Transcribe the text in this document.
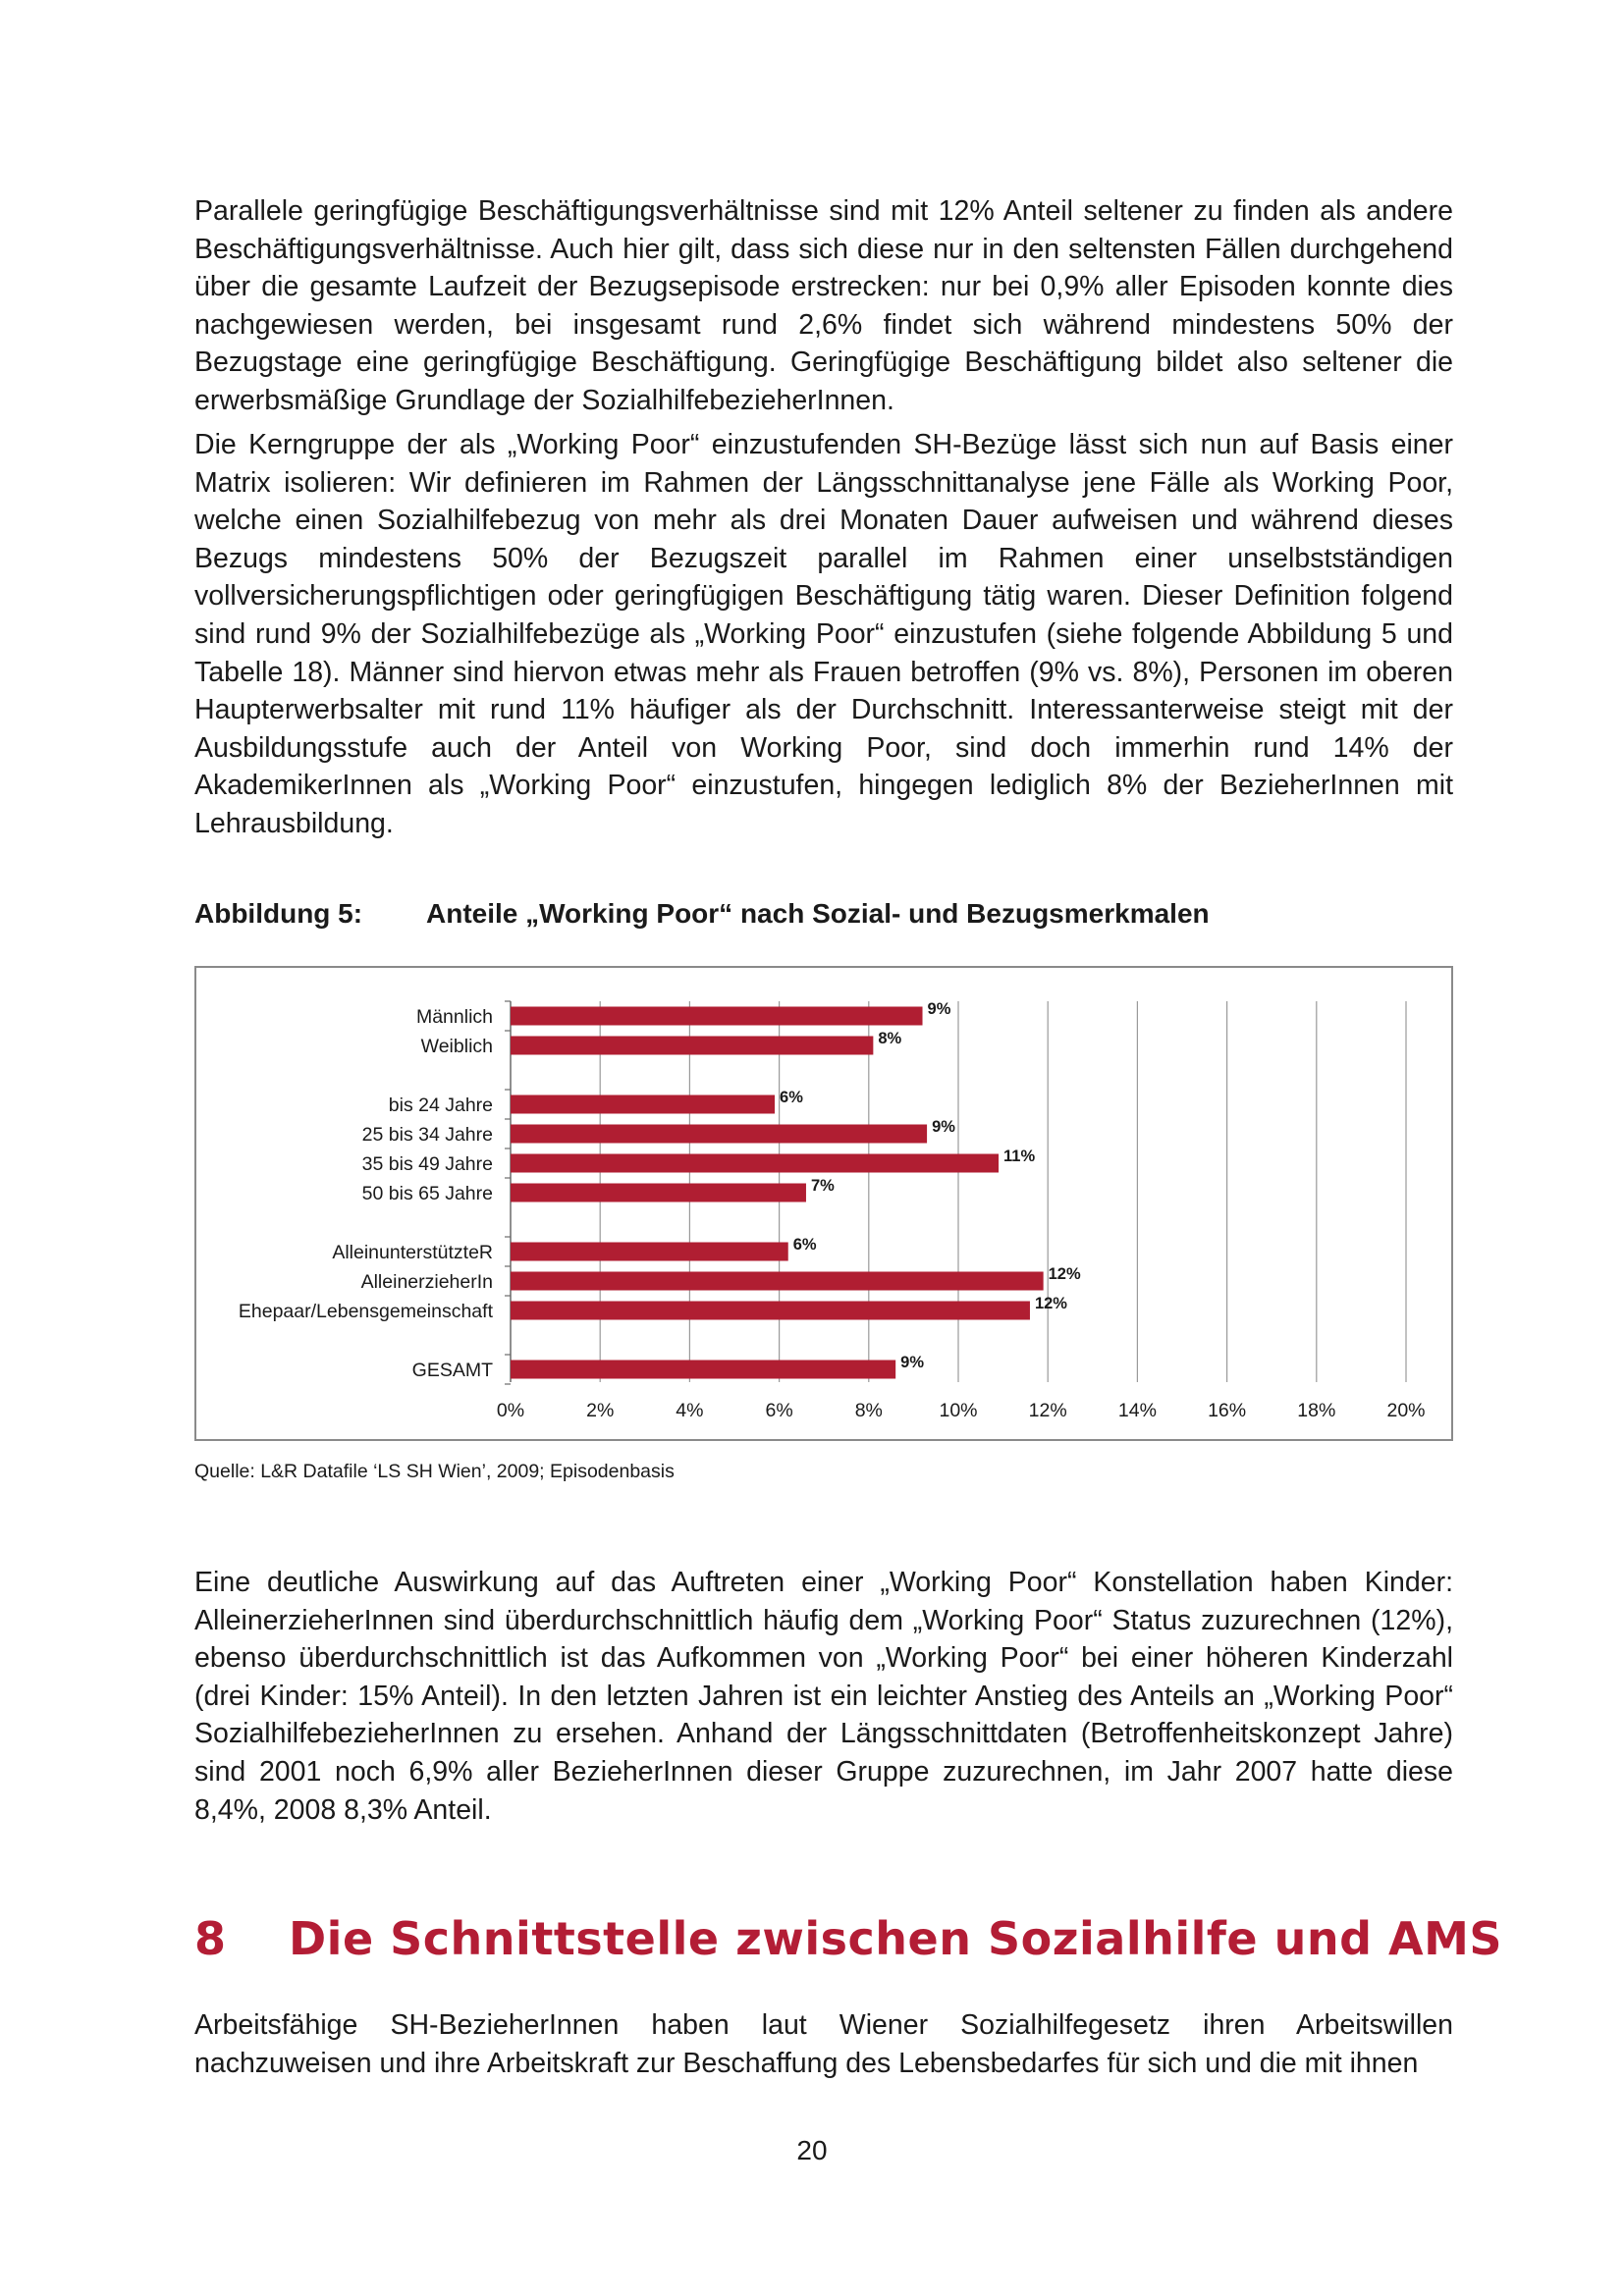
Parallele geringfügige Beschäftigungsverhältnisse sind mit 12% Anteil seltener zu finden als andere Beschäftigungsverhältnisse. Auch hier gilt, dass sich diese nur in den seltensten Fällen durchgehend über die gesamte Laufzeit der Bezugsepisode erstrecken: nur bei 0,9% aller Episoden konnte dies nachgewiesen werden, bei insgesamt rund 2,6% findet sich während mindestens 50% der Bezugstage eine geringfügige Beschäftigung. Geringfügige Beschäftigung bildet also seltener die erwerbsmäßige Grundlage der SozialhilfebezieherInnen.

Die Kerngruppe der als „Working Poor“ einzustufenden SH-Bezüge lässt sich nun auf Basis einer Matrix isolieren: Wir definieren im Rahmen der Längsschnittanalyse jene Fälle als Working Poor, welche einen Sozialhilfebezug von mehr als drei Monaten Dauer aufweisen und während dieses Bezugs mindestens 50% der Bezugszeit parallel im Rahmen einer unselbstständigen vollversicherungspflichtigen oder geringfügigen Beschäftigung tätig waren. Dieser Definition folgend sind rund 9% der Sozialhilfebezüge als „Working Poor“ einzustufen (siehe folgende Abbildung 5 und Tabelle 18). Männer sind hiervon etwas mehr als Frauen betroffen (9% vs. 8%), Personen im oberen Haupterwerbsalter mit rund 11% häufiger als der Durchschnitt. Interessanterweise steigt mit der Ausbildungsstufe auch der Anteil von Working Poor, sind doch immerhin rund 14% der AkademikerInnen als „Working Poor“ einzustufen, hingegen lediglich 8% der BezieherInnen mit Lehrausbildung.

Abbildung 5: Anteile „Working Poor“ nach Sozial- und Bezugsmerkmalen

0%	2%	4%	6%	8%	10%	12%	14%	16%	18%	20%
Männlich	9%
Weiblich	8%
bis 24 Jahre	6%
25 bis 34 Jahre	9%
35 bis 49 Jahre	11%
50 bis 65 Jahre	7%
AlleinunterstützteR	6%
AlleinerzieherIn	12%
Ehepaar/Lebensgemeinschaft	12%
GESAMT	9%

Quelle: L&R Datafile ‘LS SH Wien’, 2009; Episodenbasis

Eine deutliche Auswirkung auf das Auftreten einer „Working Poor“ Konstellation haben Kinder: AlleinerzieherInnen sind überdurchschnittlich häufig dem „Working Poor“ Status zuzurechnen (12%), ebenso überdurchschnittlich ist das Aufkommen von „Working Poor“ bei einer höheren Kinderzahl (drei Kinder: 15% Anteil). In den letzten Jahren ist ein leichter Anstieg des Anteils an „Working Poor“ SozialhilfebezieherInnen zu ersehen. Anhand der Längsschnittdaten (Betroffenheitskonzept Jahre) sind 2001 noch 6,9% aller BezieherInnen dieser Gruppe zuzurechnen, im Jahr 2007 hatte diese 8,4%, 2008 8,3% Anteil.

8 Die Schnittstelle zwischen Sozialhilfe und AMS

Arbeitsfähige SH-BezieherInnen haben laut Wiener Sozialhilfegesetz ihren Arbeitswillen nachzuweisen und ihre Arbeitskraft zur Beschaffung des Lebensbedarfes für sich und die mit ihnen

20
